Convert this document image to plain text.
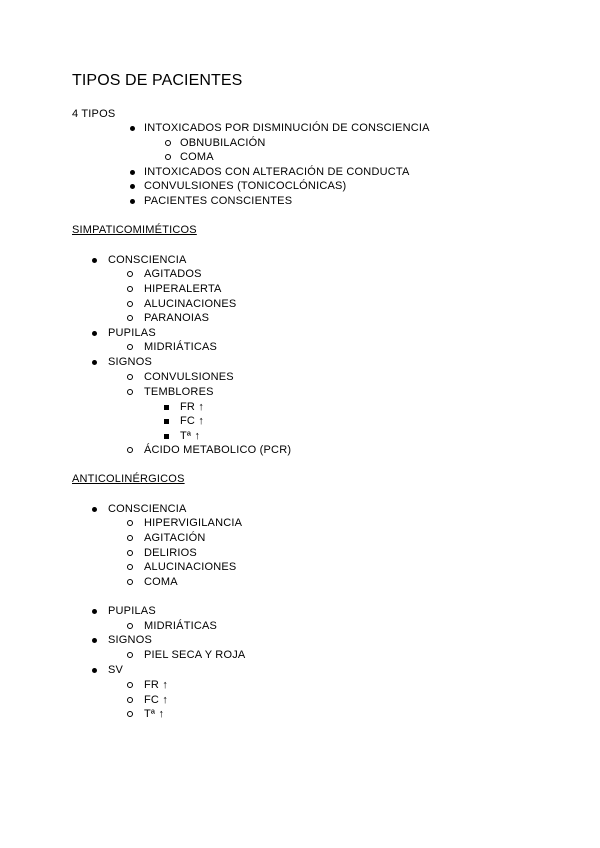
TIPOS DE PACIENTES
4 TIPOS
INTOXICADOS POR DISMINUCIÓN DE CONSCIENCIA
OBNUBILACIÓN
COMA
INTOXICADOS CON ALTERACIÓN DE CONDUCTA
CONVULSIONES (TONICOCLÓNICAS)
PACIENTES CONSCIENTES
SIMPATICOMIMÉTICOS
CONSCIENCIA
AGITADOS
HIPERALERTA
ALUCINACIONES
PARANOIAS
PUPILAS
MIDRIÁTICAS
SIGNOS
CONVULSIONES
TEMBLORES
FR ↑
FC ↑
Tª ↑
ÁCIDO METABOLICO (PCR)
ANTICOLINÉRGICOS
CONSCIENCIA
HIPERVIGILANCIA
AGITACIÓN
DELIRIOS
ALUCINACIONES
COMA
PUPILAS
MIDRIÁTICAS
SIGNOS
PIEL SECA Y ROJA
SV
FR ↑
FC ↑
Tª ↑
